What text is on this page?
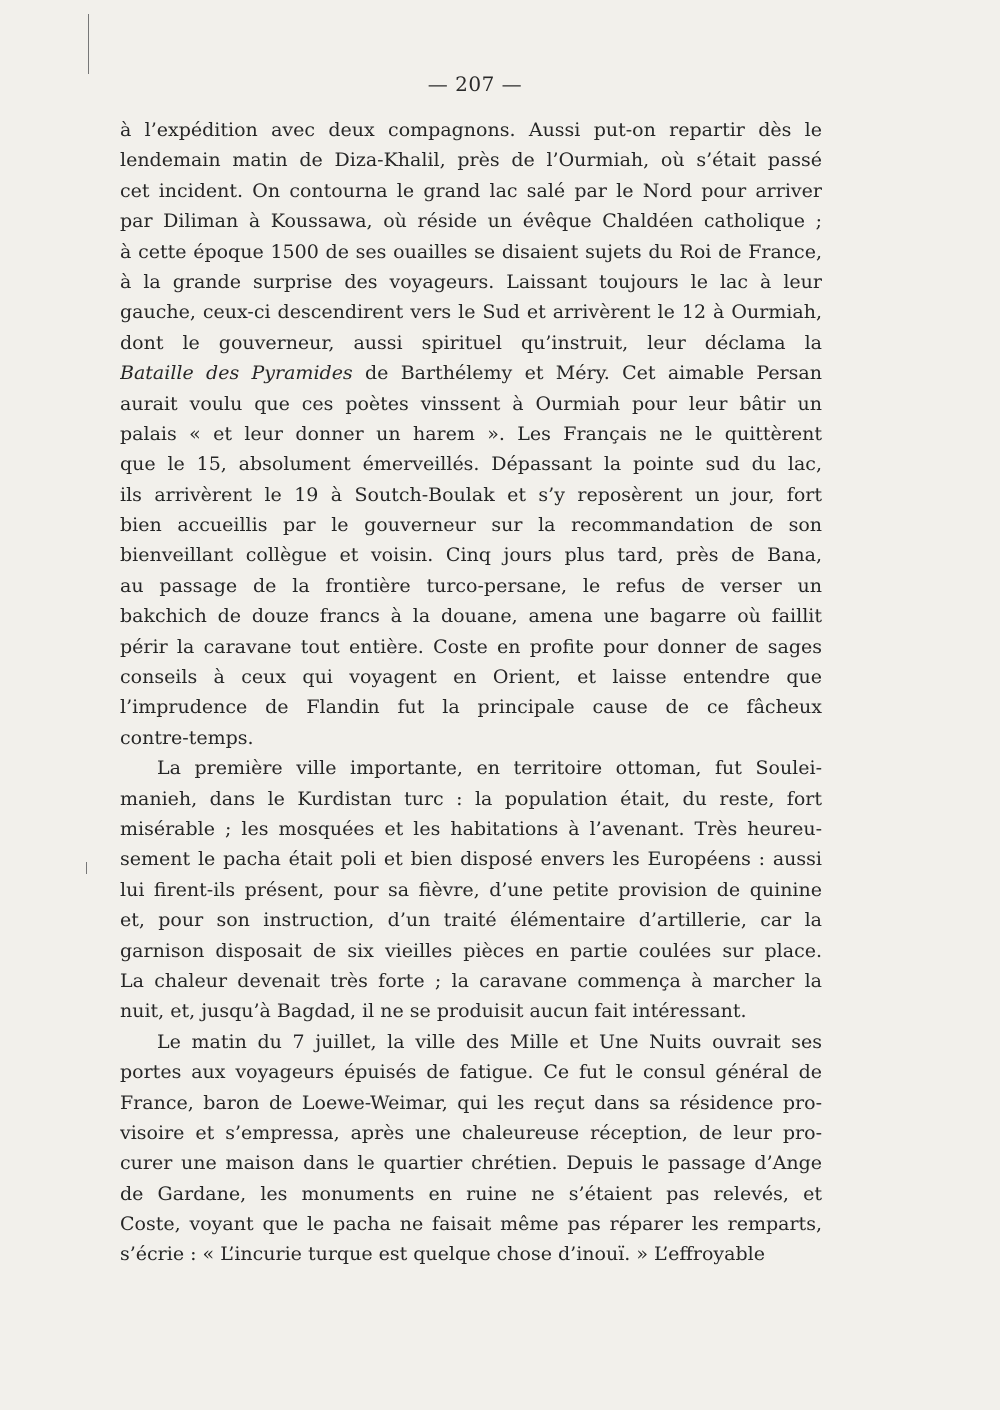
— 207 —
à l’expédition avec deux compagnons. Aussi put-on repartir dès le
lendemain matin de Diza-Khalil, près de l’Ourmiah, où s’était passé
cet incident. On contourna le grand lac salé par le Nord pour arriver
par Diliman à Koussawa, où réside un évêque Chaldéen catholique ;
à cette époque 1500 de ses ouailles se disaient sujets du Roi de France,
à la grande surprise des voyageurs. Laissant toujours le lac à leur
gauche, ceux-ci descendirent vers le Sud et arrivèrent le 12 à Ourmiah,
dont le gouverneur, aussi spirituel qu’instruit, leur déclama la
Bataille des Pyramides de Barthélemy et Méry. Cet aimable Persan
aurait voulu que ces poètes vinssent à Ourmiah pour leur bâtir un
palais « et leur donner un harem ». Les Français ne le quittèrent
que le 15, absolument émerveillés. Dépassant la pointe sud du lac,
ils arrivèrent le 19 à Soutch-Boulak et s’y reposèrent un jour, fort
bien accueillis par le gouverneur sur la recommandation de son
bienveillant collègue et voisin. Cinq jours plus tard, près de Bana,
au passage de la frontière turco-persane, le refus de verser un
bakchich de douze francs à la douane, amena une bagarre où faillit
périr la caravane tout entière. Coste en profite pour donner de sages
conseils à ceux qui voyagent en Orient, et laisse entendre que
l’imprudence de Flandin fut la principale cause de ce fâcheux
contre-temps.
La première ville importante, en territoire ottoman, fut Soulei-
manieh, dans le Kurdistan turc : la population était, du reste, fort
misérable ; les mosquées et les habitations à l’avenant. Très heureu-
sement le pacha était poli et bien disposé envers les Européens : aussi
lui firent-ils présent, pour sa fièvre, d’une petite provision de quinine
et, pour son instruction, d’un traité élémentaire d’artillerie, car la
garnison disposait de six vieilles pièces en partie coulées sur place.
La chaleur devenait très forte ; la caravane commença à marcher la
nuit, et, jusqu’à Bagdad, il ne se produisit aucun fait intéressant.
Le matin du 7 juillet, la ville des Mille et Une Nuits ouvrait ses
portes aux voyageurs épuisés de fatigue. Ce fut le consul général de
France, baron de Loewe-Weimar, qui les reçut dans sa résidence pro-
visoire et s’empressa, après une chaleureuse réception, de leur pro-
curer une maison dans le quartier chrétien. Depuis le passage d’Ange
de Gardane, les monuments en ruine ne s’étaient pas relevés, et
Coste, voyant que le pacha ne faisait même pas réparer les remparts,
s’écrie : « L’incurie turque est quelque chose d’inouï. » L’effroyable
